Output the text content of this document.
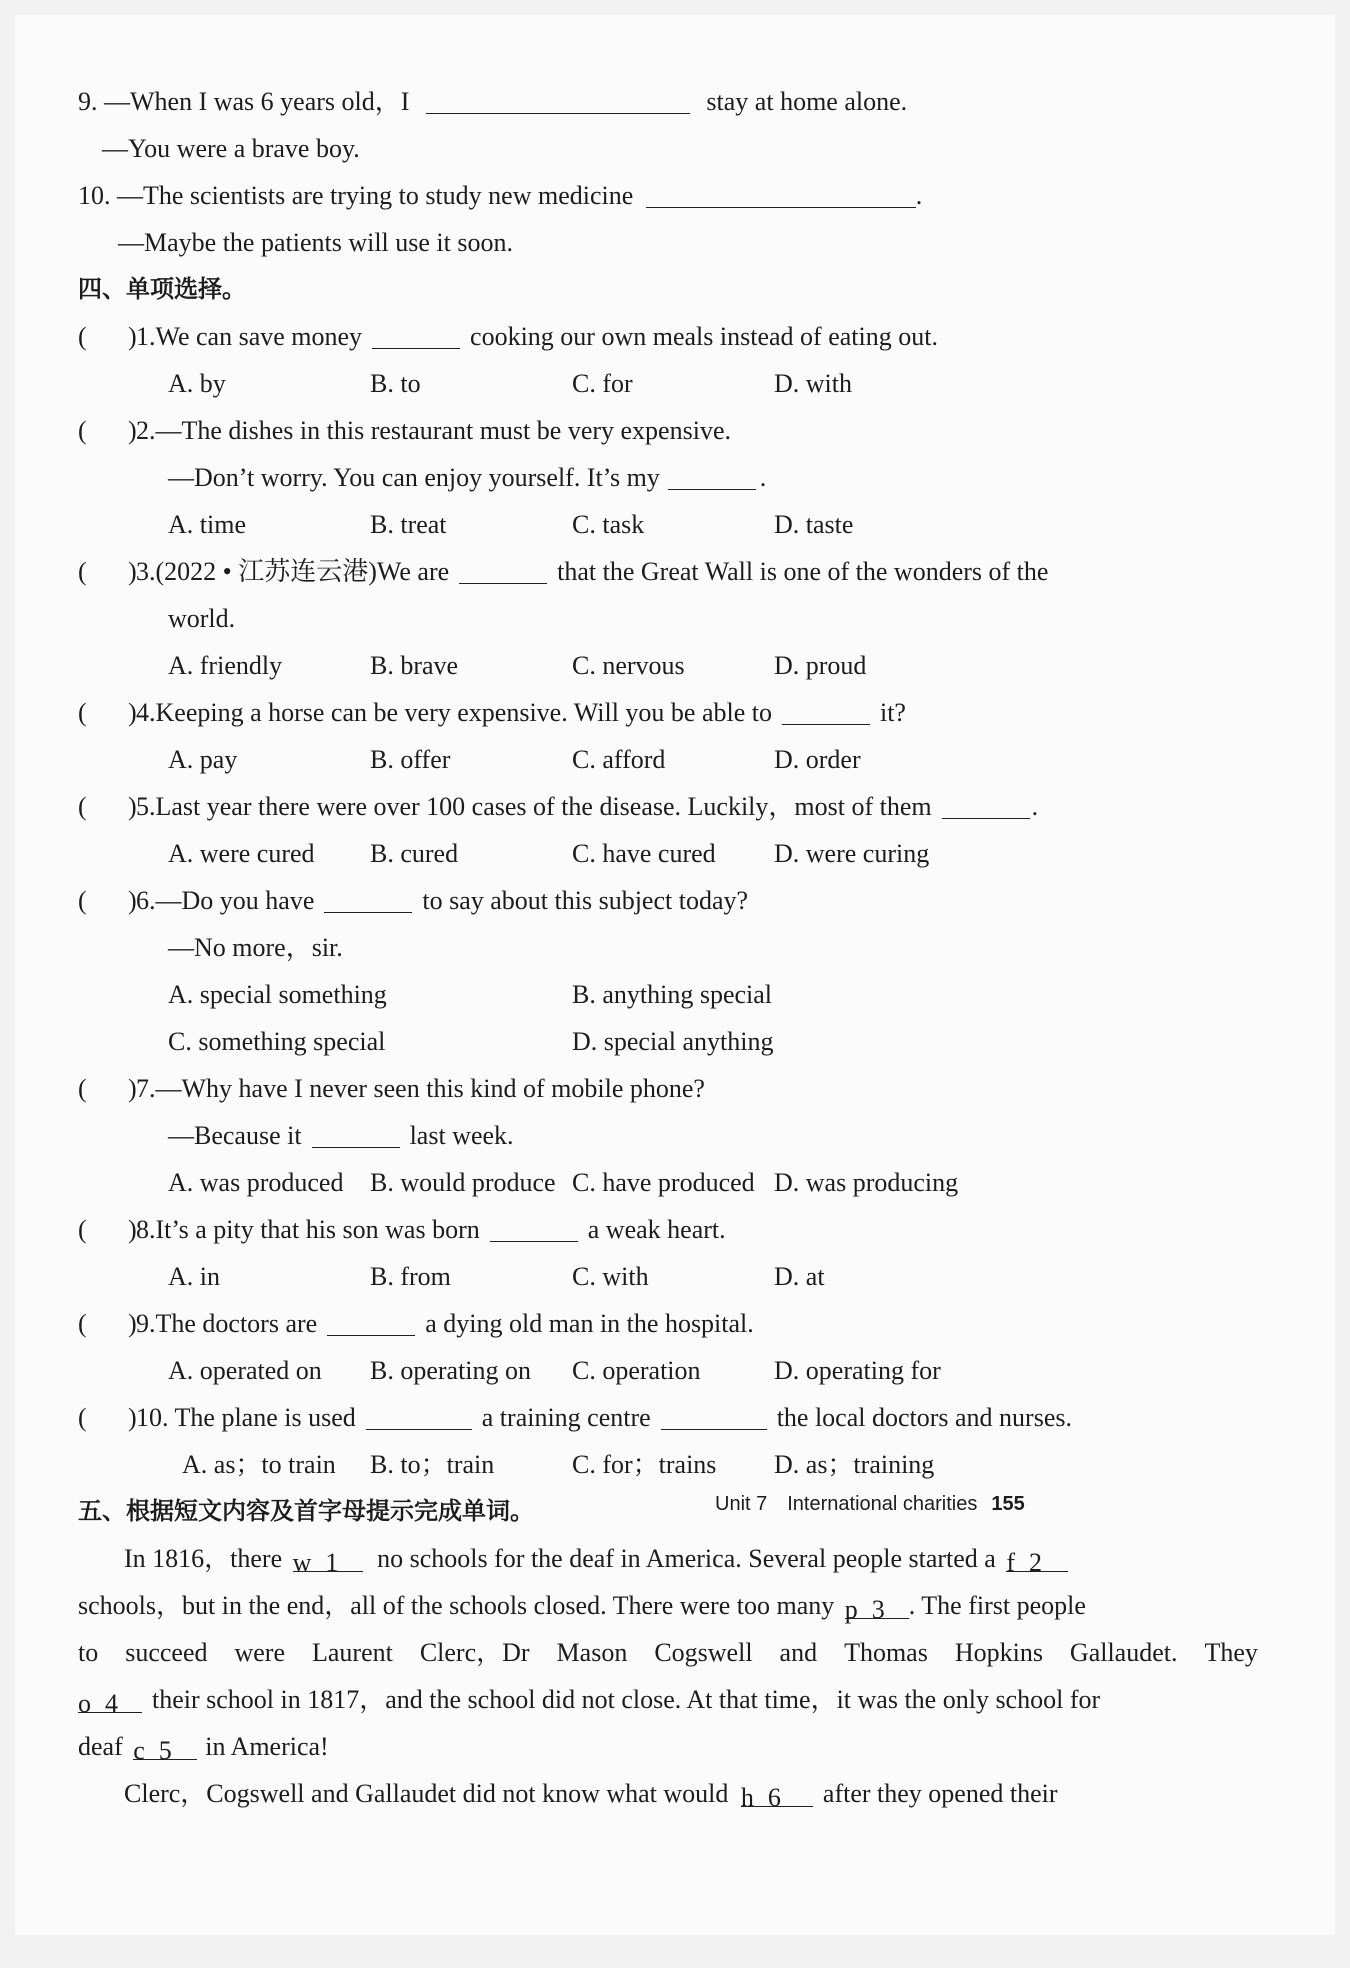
9. —When I was 6 years old，I	stay at home alone.
—You were a brave boy.
10. —The scientists are trying to study new medicine	.
—Maybe the patients will use it soon.
四、单项选择。
( ) 1.We can save money	cooking our own meals instead of eating out.
A. by	B. to	C. for	D. with
( ) 2.—The dishes in this restaurant must be very expensive.
—Don’t worry. You can enjoy yourself. It’s my	.
A. time	B. treat	C. task	D. taste
( ) 3.(2022 • 江苏连云港)We are	that the Great Wall is one of the wonders of the
world.
A. friendly	B. brave	C. nervous	D. proud
( ) 4.Keeping a horse can be very expensive. Will you be able to	it?
A. pay	B. offer	C. afford	D. order
( ) 5.Last year there were over 100 cases of the disease. Luckily，most of them	.
A. were cured B. cured	C. have cured D. were curing
( ) 6.—Do you have	to say about this subject today?
—No more，sir.
A. special something	B. anything special
C. something special	D. special anything
( ) 7.—Why have I never seen this kind of mobile phone?
—Because it	last week.
A. was produced B. would produce C. have produced D. was producing
( ) 8.It’s a pity that his son was born	a weak heart.
A. in	B. from	C. with	D. at
( ) 9.The doctors are	a dying old man in the hospital.
A. operated on B. operating on C. operation	D. operating for
( ) 10. The plane is used	a training centre	the local doctors and nurses.
A. as；to train B. to；train	C. for；trains D. as；training
五、根据短文内容及首字母提示完成单词。
In 1816，there w 1 no schools for the deaf in America. Several people started a f 2
schools，but in the end，all of the schools closed. There were too many p 3 . The first people
to succeed were Laurent Clerc，Dr Mason Cogswell and Thomas Hopkins Gallaudet. They
o 4 their school in 1817，and the school did not close. At that time，it was the only school for
deaf c 5 in America!
Clerc，Cogswell and Gallaudet did not know what would h 6 after they opened their
Unit 7 International charities 155
